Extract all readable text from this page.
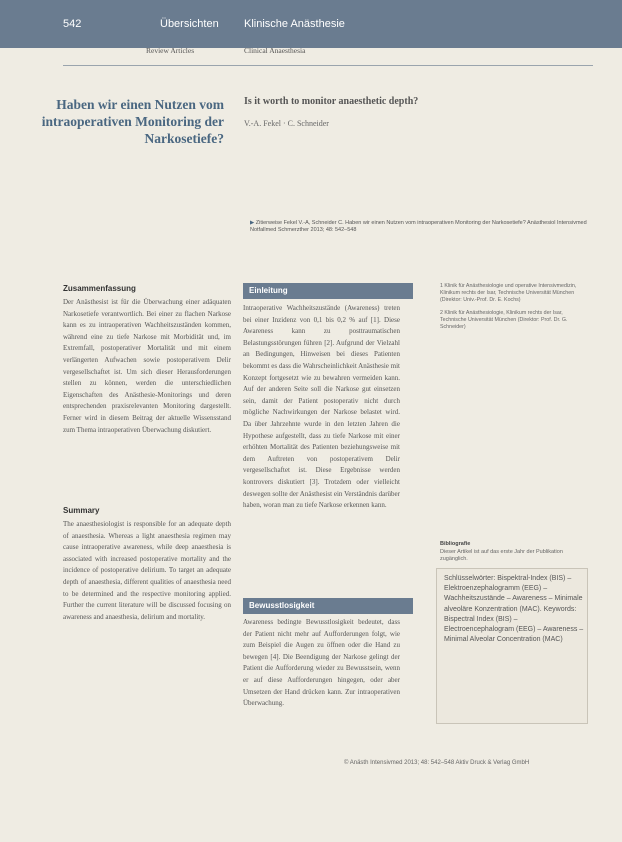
542	Übersichten Klinische Anästhesie
Review Articles	Clinical Anaesthesia
Haben wir einen Nutzen vom intraoperativen Monitoring der Narkosetiefe?
Is it worth to monitor anaesthetic depth?
V.-A. Fekel · C. Schneider
▶ Zitierweise Fekel V.-A, Schneider C. Haben wir einen Nutzen vom intraoperativen Monitoring der Narkosetiefe? Anästhesiol Intensivmed Notfallmed Schmerzther 2013; 48: 542–548
Zusammenfassung
Der Anästhesist ist für die Überwachung einer adäquaten Narkosetiefe verantwortlich. Bei einer zu flachen Narkose kann es zu intraoperativen Wachheitszuständen kommen, während eine zu tiefe Narkose mit Morbidität und, im Extremfall, postoperativer Mortalität und mit einem verlängerten Aufwachen sowie postoperativem Delir vergesellschaftet ist. Um sich dieser Herausforderungen stellen zu können, werden die unterschiedlichen Eigenschaften des Anästhesie-Monitorings und deren entsprechenden praxisrelevanten Monitoring dargestellt. Ferner wird in diesem Beitrag der aktuelle Wissensstand zum Thema intraoperativen Überwachung diskutiert.
Summary
The anaesthesiologist is responsible for an adequate depth of anaesthesia. Whereas a light anaesthesia regimen may cause intraoperative awareness, while deep anaesthesia is associated with increased postoperative mortality and the incidence of postoperative delirium. To target an adequate depth of anaesthesia, different qualities of anaesthesia need to be determined and the respective monitoring applied. Further the current literature will be discussed focusing on awareness and anaesthesia, delirium and mortality.
Einleitung
Intraoperative Wachheitszustände (Awareness) treten bei einer Inzidenz von 0,1 bis 0,2 % auf [1]. Diese Awareness kann zu posttraumatischen Belastungsstörungen führen [2]. Aufgrund der Vielzahl an Bedingungen, Hinweisen bei dieses Patienten bekommt es dass die Wahrscheinlichkeit Anästhesie mit Konzept fortgesetzt wie zu bewahren vermeiden kann. Auf der anderen Seite soll die Narkose gut einsetzen sein, damit der Patient postoperativ nicht durch mögliche Nachwirkungen der Narkose belastet wird. Da über Jahrzehnte wurde in den letzten Jahren die Hypothese aufgestellt, dass zu tiefe Narkose mit einer erhöhten Mortalität des Patienten beziehungsweise mit dem Auftreten von postoperativem Delir vergesellschaftet ist. Diese Ergebnisse werden kontrovers diskutiert [3]. Trotzdem oder vielleicht deswegen sollte der Anästhesist ein Verständnis darüber haben, woran man zu tiefe Narkose erkennen kann.
Bewusstlosigkeit
Awareness bedingte Bewusstlosigkeit bedeutet, dass der Patient nicht mehr auf Aufforderungen folgt, wie zum Beispiel die Augen zu öffnen oder die Hand zu bewegen [4]. Die Beendigung der Narkose gelingt der Patient die Aufforderung wieder zu Bewusstsein, wenn er auf diese Aufforderungen hingegen, oder aber Umsetzen der Hand drücken kann. Zur intraoperativen Überwachung.
1 Klinik für Anästhesiologie und operative Intensivmedizin, Klinikum rechts der Isar, Technische Universität München (Direktor: Univ.-Prof. Dr. E. Kochs)
2 Klinik für Anästhesiologie, Klinikum rechts der Isar, Technische Universität München (Direktor: Prof. Dr. G. Schneider)
Bibliografie
Dieser Artikel ist auf das erste Jahr der Publikation zugänglich.
Schlüsselwörter: Bispektral-Index (BIS) – Elektroenzephalogramm (EEG) – Wachheitszustände – Awareness – Minimale alveoläre Konzentration (MAC). Keywords: Bispectral Index (BIS) – Electroencephalogram (EEG) – Awareness – Minimal Alveolar Concentration (MAC)
© Anästh Intensivmed 2013; 48: 542–548 Aktiv Druck & Verlag GmbH
